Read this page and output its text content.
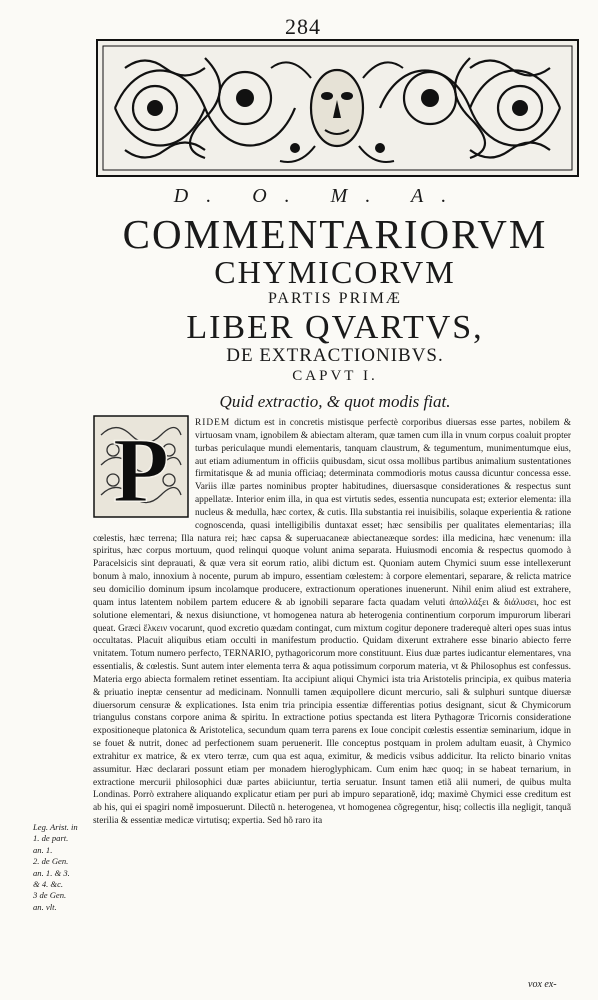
284
D. O. M. A.
COMMENTARIORVM
CHYMICORVM
PARTIS PRIMÆ
LIBER QVARTVS,
DE EXTRACTIONIBVS.
CAPVT I.
Quid extractio, & quot modis fiat.
P	RIDEM dictum est in concretis mistisque perfectè corporibus diuersas esse partes, nobilem & virtuosam vnam, ignobilem & abiectam alteram, quæ tamen cum illa in vnum corpus coaluit propter turbas periculaque mundi elementaris, tanquam claustrum, & tegumentum, munimentumque eius, aut etiam adiumentum in officiis quibusdam, sicut ossa mollibus partibus animalium sustentationes firmitatisque & ad munia officiaq; determinata commodioris motus caussa dicuntur concessa esse. Variis illæ partes nominibus propter habitudines, diuersasque considerationes & respectus sunt appellatæ. Interior enim illa, in qua est virtutis sedes, essentia nuncupata est; exterior elementa: illa nucleus & medulla, hæc cortex, & cutis. Illa substantia rei inuisibilis, solaque experientia & ratione cognoscenda, quasi intelligibilis duntaxat esset; hæc sensibilis per qualitates elementarias; illa cœlestis, hæc terrena; Illa natura rei; hæc capsa & superuacaneæ abiectaneæque sordes: illa medicina, hæc venenum: illa spiritus, hæc corpus mortuum, quod relinqui quoque volunt anima separata. Huiusmodi encomia & respectus quomodo à Paracelsicis sint deprauati, & quæ vera sit eorum ratio, alibi dictum est. Quoniam autem Chymici suum esse intellexerunt bonum à malo, innoxium à nocente, purum ab impuro, essentiam cœlestem: à corpore elementari, separare, & relicta matrice seu domicilio dominum ipsum incolamque producere, extractionum operationes inuenerunt. Nihil enim aliud est extrahere, quam intus latentem nobilem partem educere & ab ignobili separare facta quadam veluti ἀπαλλάξει & διάλυσει, hoc est solutione elementari, & nexus disiunctione, vt homogenea natura ab heterogenia continentium corporum impurorum liberari queat. Græci ἕλκειν vocarunt, quod excretio quædam contingat, cum mixtum cogitur deponere traderequè alteri opes suas intus occultatas. Placuit aliquibus etiam occulti in manifestum productio. Quidam dixerunt extrahere esse binario abiecto ferre vnitatem. Totum numero perfecto, TERNARIO, pythagoricorum more constituunt. Eius duæ partes iudicantur elementares, vna essentialis, & cœlestis. Sunt autem inter elementa terra & aqua potissimum corporum materia, vt & Philosophus est confessus. Materia ergo abiecta formalem retinet essentiam. Ita accipiunt aliqui Chymici ista tria Aristotelis principia, ex quibus materia & priuatio ineptæ censentur ad medicinam. Nonnulli tamen æquipollere dicunt mercurio, sali & sulphuri suntque diuersæ diuersorum censuræ & explicationes. Ista enim tria principia essentiæ differentias potius designant, sicut & Chymicorum triangulus constans corpore anima & spiritu. In extractione potius spectanda est litera Pythagoræ Tricornis consideratione expositioneque platonica & Aristotelica, secundum quam terra parens ex Ioue concipit cœlestis essentiæ seminarium, idque in se fouet & nutrit, donec ad perfectionem suam peruenerit. Ille conceptus postquam in prolem adultam euasit, à Chymico extrahitur ex matrice, & ex vtero terræ, cum qua est aqua, eximitur, & medicis vsibus addicitur. Ita relicto binario vnitas assumitur. Hæc declarari possunt etiam per monadem hieroglyphicam. Cum enim hæc quoq; in se habeat ternarium, in extractione mercurii philosophici duæ partes abiiciuntur, tertia seruatur. Insunt tamen etiã alii numeri, de quibus multa Londinas. Porrò extrahere aliquando explicatur etiam per puri ab impuro separationẽ, idq; maximè Chymici esse creditum est ab his, qui ei spagiri nomẽ imposuerunt. Dilectũ n. heterogenea, vt homogenea cõgregentur, hisq; collectis illa negligit, tanquã sterilia & essentiæ medicæ virtutisq; expertia. Sed hõ raro ita
Leg. Arist. in
1. de part.
an. 1.
2. de Gen.
an. 1. & 3.
& 4. &c.
3 de Gen.
an. vlt.
vox ex-
